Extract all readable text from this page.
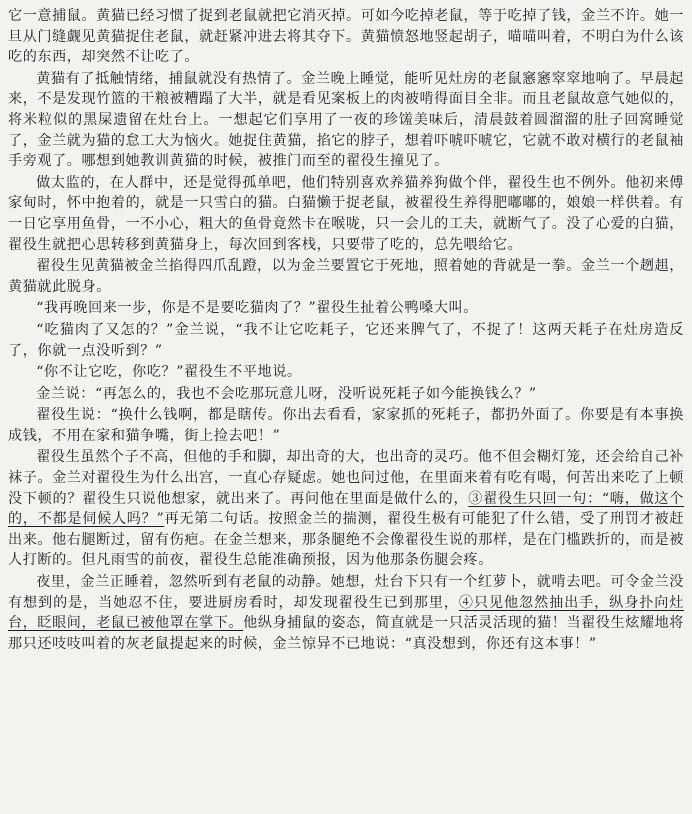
它一意捕鼠。黄猫已经习惯了捉到老鼠就把它消灭掉。可如今吃掉老鼠，等于吃掉了钱，金兰不许。她一旦从门缝觑见黄猫捉住老鼠，就赶紧冲进去将其夺下。黄猫愤怒地竖起胡子，喵喵叫着，不明白为什么该吃的东西，却突然不让吃了。

黄猫有了抵触情绪，捕鼠就没有热情了。金兰晚上睡觉，能听见灶房的老鼠窸窸窣窣地响了。早晨起来，不是发现竹篮的干粮被糟蹋了大半，就是看见案板上的肉被啃得面目全非。而且老鼠故意气她似的，将米粒似的黑屎遗留在灶台上。一想起它们享用了一夜的珍馐美味后，清晨鼓着圆溜溜的肚子回窝睡觉了，金兰就为猫的怠工大为恼火。她捉住黄猫，掐它的脖子，想着吓唬吓唬它，它就不敢对横行的老鼠袖手旁观了。哪想到她教训黄猫的时候，被推门而至的翟役生撞见了。

做太监的，在人群中，还是觉得孤单吧，他们特别喜欢养猫养狗做个伴，翟役生也不例外。他初来傅家甸时，怀中抱着的，就是一只雪白的猫。白猫懒于捉老鼠，被翟役生养得肥嘟嘟的，娘娘一样供着。有一日它享用鱼骨，一不小心，粗大的鱼骨竟然卡在喉咙，只一会儿的工夫，就断气了。没了心爱的白猫，翟役生就把心思转移到黄猫身上，每次回到客栈，只要带了吃的，总先喂给它。

翟役生见黄猫被金兰掐得四爪乱蹬，以为金兰要置它于死地，照着她的背就是一拳。金兰一个趔趄，黄猫就此脱身。

“我再晚回来一步，你是不是要吃猫肉了？”翟役生扯着公鸭嗓大叫。

“吃猫肉了又怎的？”金兰说，“我不让它吃耗子，它还来脾气了，不捉了！这两天耗子在灶房造反了，你就一点没听到？”

“你不让它吃，你吃？”翟役生不平地说。

金兰说：“再怎么的，我也不会吃那玩意儿呀，没听说死耗子如今能换钱么？”

翟役生说：“换什么钱啊，都是瞎传。你出去看看，家家抓的死耗子，都扔外面了。你要是有本事换成钱，不用在家和猫争嘴，街上捡去吧！”

翟役生虽然个子不高，但他的手和脚，却出奇的大，也出奇的灵巧。他不但会糊灯笼，还会给自己补袜子。金兰对翟役生为什么出宫，一直心存疑虑。她也问过他，在里面来着有吃有喝，何苦出来吃了上顿没下顿的？翟役生只说他想家，就出来了。再问他在里面是做什么的，③翟役生只回一句：“嗨，做这个的，不都是伺候人吗？”再无第二句话。按照金兰的揣测，翟役生极有可能犯了什么错，受了刑罚才被赶出来。他右腿断过，留有伤疤。在金兰想来，那条腿绝不会像翟役生说的那样，是在门槛跌折的，而是被人打断的。但凡雨雪的前夜，翟役生总能准确预报，因为他那条伤腿会疼。

夜里，金兰正睡着，忽然听到有老鼠的动静。她想，灶台下只有一个红萝卜，就啃去吧。可令金兰没有想到的是，当她忍不住，要进厨房看时，却发现翟役生已到那里，④只见他忽然抽出手，纵身扑向灶台，眨眼间，老鼠已被他罩在掌下。他纵身捕鼠的姿态，简直就是一只活灵活现的猫！当翟役生炫耀地将那只还吱吱叫着的灰老鼠提起来的时候，金兰惊异不已地说：“真没想到，你还有这本事！”
